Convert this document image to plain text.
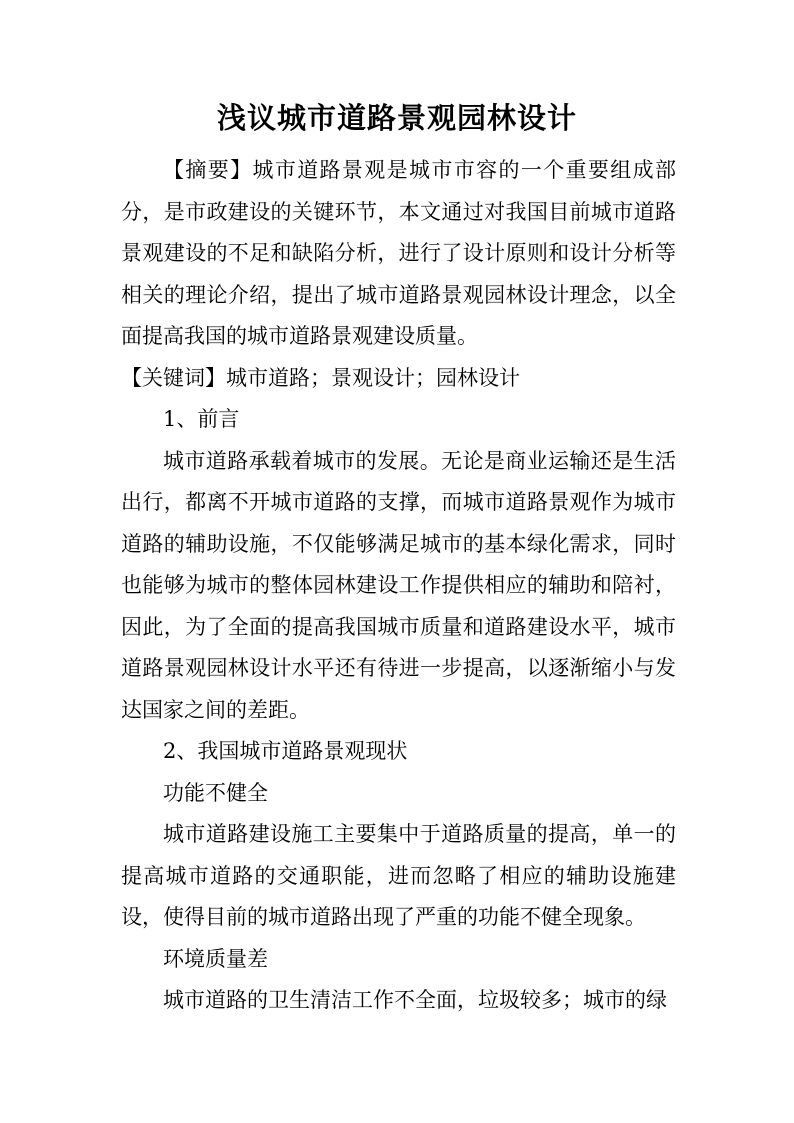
浅议城市道路景观园林设计

【摘要】城市道路景观是城市市容的一个重要组成部分，是市政建设的关键环节，本文通过对我国目前城市道路景观建设的不足和缺陷分析，进行了设计原则和设计分析等相关的理论介绍，提出了城市道路景观园林设计理念，以全面提高我国的城市道路景观建设质量。

【关键词】城市道路；景观设计；园林设计

1、前言

城市道路承载着城市的发展。无论是商业运输还是生活出行，都离不开城市道路的支撑，而城市道路景观作为城市道路的辅助设施，不仅能够满足城市的基本绿化需求，同时也能够为城市的整体园林建设工作提供相应的辅助和陪衬，因此，为了全面的提高我国城市质量和道路建设水平，城市道路景观园林设计水平还有待进一步提高，以逐渐缩小与发达国家之间的差距。

2、我国城市道路景观现状

功能不健全

城市道路建设施工主要集中于道路质量的提高，单一的提高城市道路的交通职能，进而忽略了相应的辅助设施建设，使得目前的城市道路出现了严重的功能不健全现象。

环境质量差

城市道路的卫生清洁工作不全面，垃圾较多；城市的绿
